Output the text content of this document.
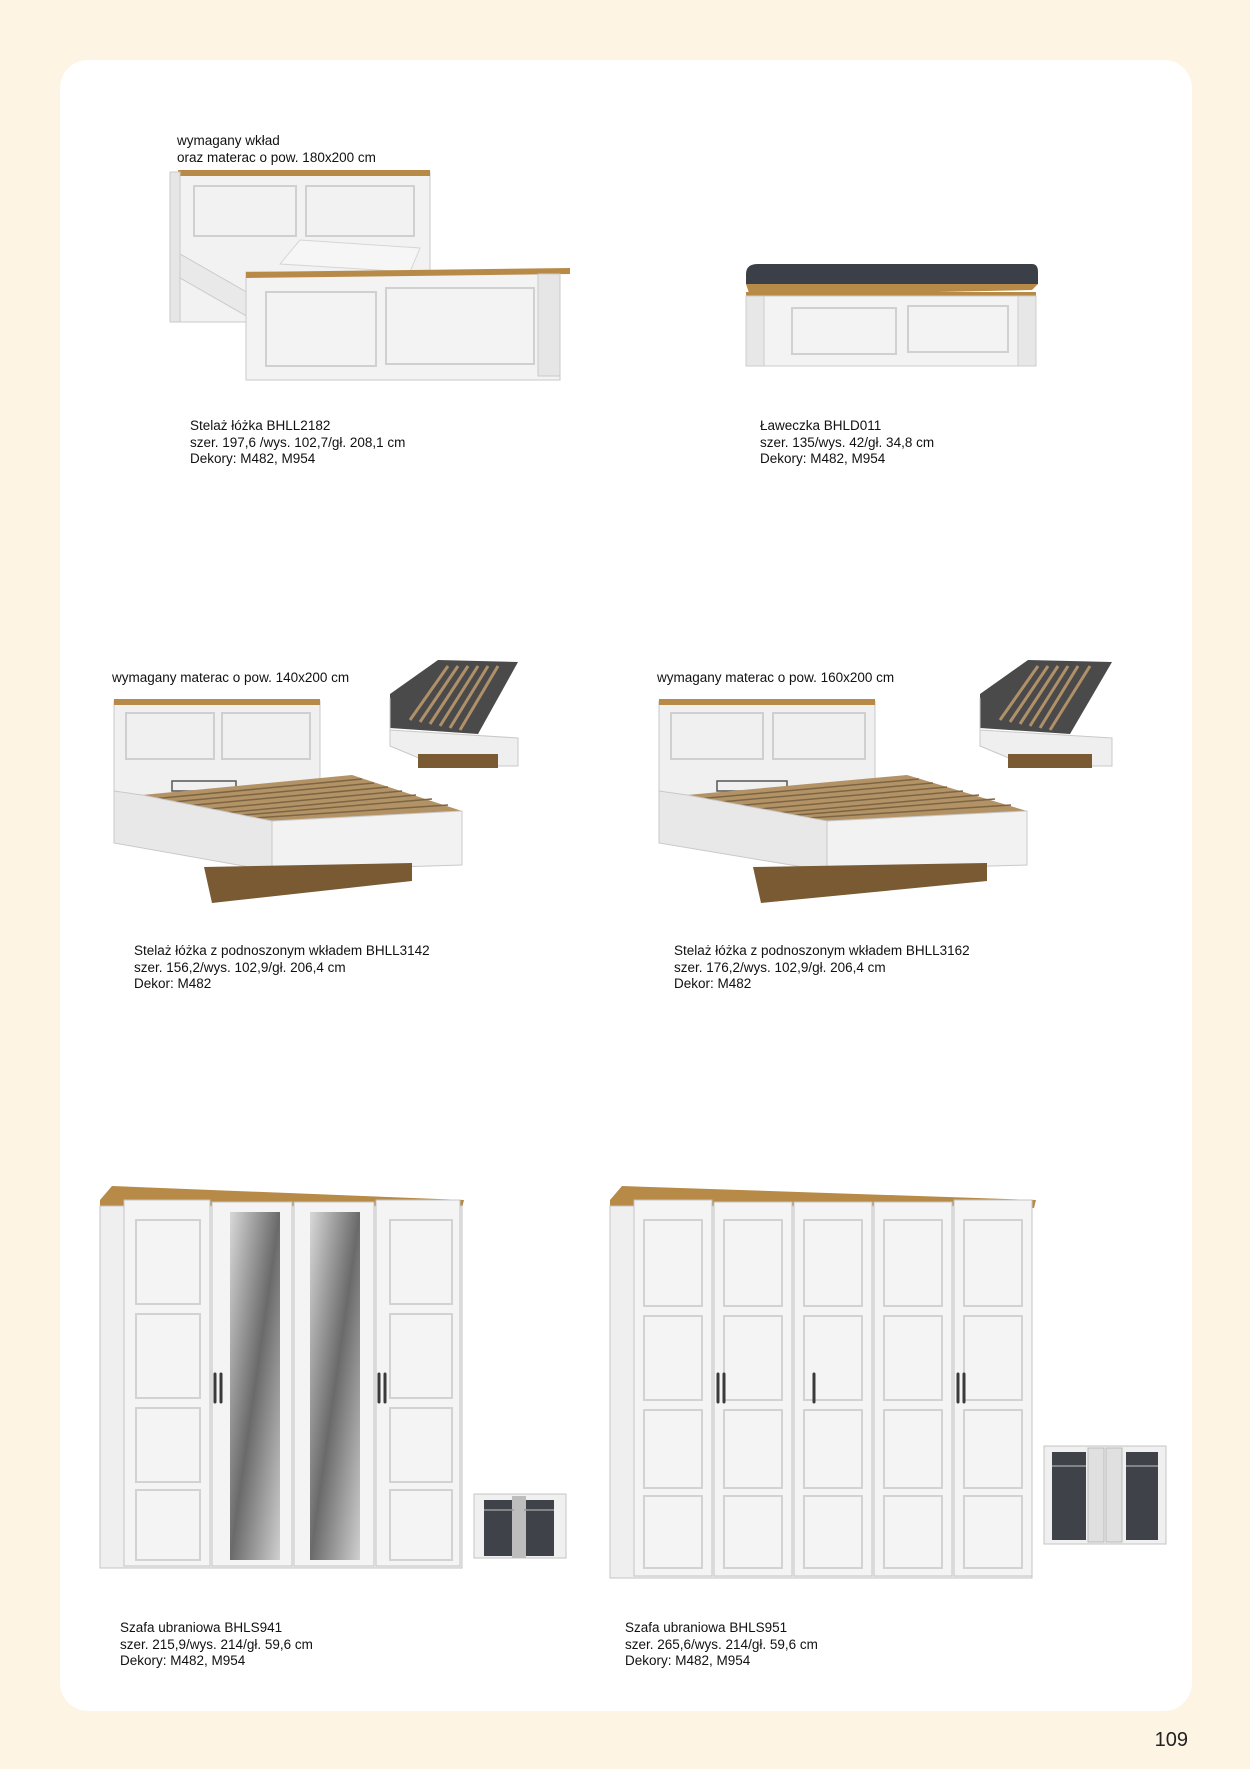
wymagany wkład
oraz materac o pow. 180x200 cm
Stelaż łóżka BHLL2182
szer. 197,6 /wys. 102,7/gł. 208,1 cm
Dekory: M482, M954
Ławeczka BHLD011
szer. 135/wys. 42/gł. 34,8 cm
Dekory: M482, M954
wymagany materac o pow. 140x200 cm
Stelaż łóżka z podnoszonym wkładem BHLL3142
szer. 156,2/wys. 102,9/gł. 206,4 cm
Dekor: M482
wymagany materac o pow. 160x200 cm
Stelaż łóżka z podnoszonym wkładem BHLL3162
szer. 176,2/wys. 102,9/gł. 206,4 cm
Dekor: M482
Szafa ubraniowa BHLS941
szer. 215,9/wys. 214/gł. 59,6 cm
Dekory: M482, M954
Szafa ubraniowa BHLS951
szer. 265,6/wys. 214/gł. 59,6 cm
Dekory: M482, M954
109
